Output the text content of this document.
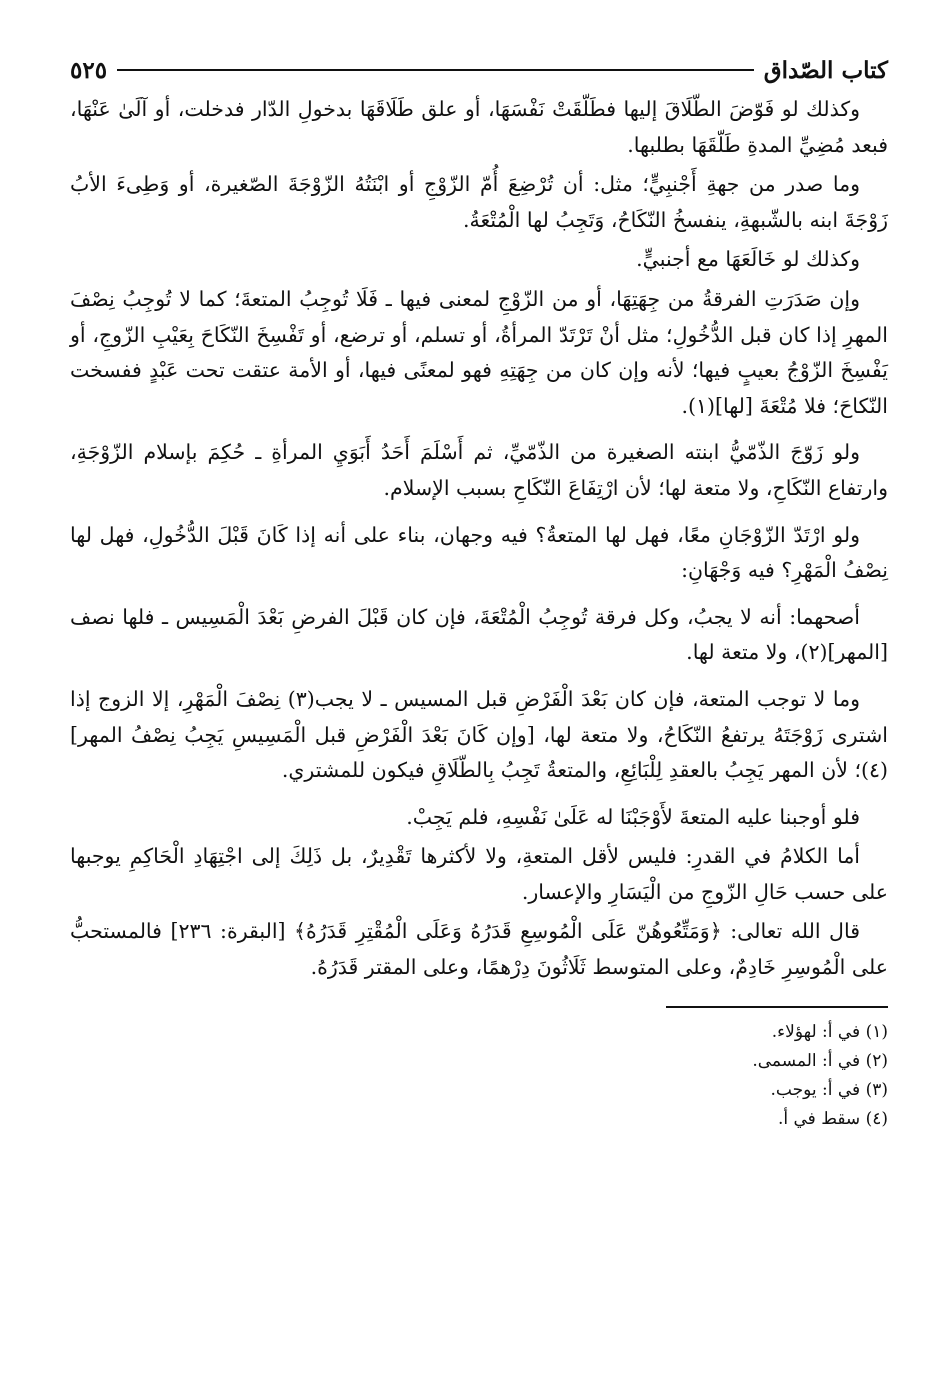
كتاب الصّداق
٥٢٥

وكذلك لو فَوّضَ الطّلَاقَ إليها فطَلّقَتْ نَفْسَهَا، أو علق طَلَاقَهَا بدخولِ الدّار فدخلت، أو آلَىٰ عَنْهَا، فبعد مُضِيِّ المدةِ طَلّقَهَا بطلبها.

وما صدر من جهةِ أَجْنبِيٍّ؛ مثل: أن تُرْضِعَ أُمّ الزّوْجِ أو ابْنَتُهُ الزّوْجَةَ الصّغيرة، أو وَطِىءَ الأبُ زَوْجَةَ ابنه بالشّبهةِ، ينفسخُ النّكَاحُ، وَتَجِبُ لها الْمُتْعَةُ.

وكذلك لو خَالَعَهَا مع أجنبيٍّ.

وإن صَدَرَتِ الفرقةُ من جِهَتِهَا، أو من الزّوْجِ لمعنى فيها ـ فَلَا تُوجِبُ المتعةَ؛ كما لا تُوجِبُ نِصْفَ المهرِ إذا كان قبل الدُّخُولِ؛ مثل أنْ تَرْتَدّ المرأةُ، أو تسلم، أو ترضع، أو تَفْسِخَ النّكَاحَ بِعَيْبِ الزّوجِ، أو يَفْسِخَ الزّوْجُ بعيبٍ فيها؛ لأنه وإن كان من جِهَتِهِ فهو لمعنًى فيها، أو الأمة عتقت تحت عَبْدٍ ففسخت النّكاحَ؛ فلا مُتْعَةَ [لها](١).

ولو زَوّجَ الذّمّيُّ ابنته الصغيرة من الذّمّيِّ، ثم أَسْلَمَ أَحَدُ أَبَوَيِ المرأةِ ـ حُكِمَ بإسلام الزّوْجَةِ، وارتفاع النّكَاحِ، ولا متعة لها؛ لأن ارْتِفَاعَ النّكَاحِ بسبب الإسلام.

ولو ارْتَدّ الزّوْجَانِ معًا، فهل لها المتعةُ؟ فيه وجهان، بناء على أنه إذا كَانَ قَبْلَ الدُّخُولِ، فهل لها نِصْفُ الْمَهْرِ؟ فيه وَجْهَانِ:

أصحهما: أنه لا يجبُ، وكل فرقة تُوجِبُ الْمُتْعَةَ، فإن كان قَبْلَ الفرضِ بَعْدَ الْمَسِيس ـ فلها نصف [المهر](٢)، ولا متعة لها.

وما لا توجب المتعة، فإن كان بَعْدَ الْفَرْضِ قبل المسيس ـ لا يجب(٣) نِصْفَ الْمَهْرِ، إلا الزوج إذا اشترى زَوْجَتَهُ يرتفعُ النّكَاحُ، ولا متعة لها، [وإن كَانَ بَعْدَ الْفَرْضِ قبل الْمَسِيسِ يَجِبُ نِصْفُ المهر](٤)؛ لأن المهر يَجِبُ بالعقدِ لِلْبَائِعِ، والمتعةُ تَجِبُ بِالطّلَاقِ فيكون للمشتري.

فلو أوجبنا عليه المتعةَ لأَوْجَبْنَا له عَلَىٰ نَفْسِهِ، فلم يَجِبْ.

أما الكلامُ في القدرِ: فليس لأقل المتعةِ، ولا لأكثرها تَقْدِيرٌ، بل ذَلِكَ إلى اجْتِهَادِ الْحَاكِمِ يوجبها على حسب حَالِ الزّوجِ من الْيَسَارِ والإعسار.

قال الله تعالى: ﴿وَمَتِّعُوهُنّ عَلَى الْمُوسِعِ قَدَرُهُ وَعَلَى الْمُقْتِرِ قَدَرُهُ﴾ [البقرة: ٢٣٦] فالمستحبُّ على الْمُوسِرِ خَادِمٌ، وعلى المتوسط ثَلَاثُونَ دِرْهمًا، وعلى المقتر قَدَرُهُ.

(١) في أ: لهؤلاء.

(٢) في أ: المسمى.

(٣) في أ: يوجب.

(٤) سقط في أ.
